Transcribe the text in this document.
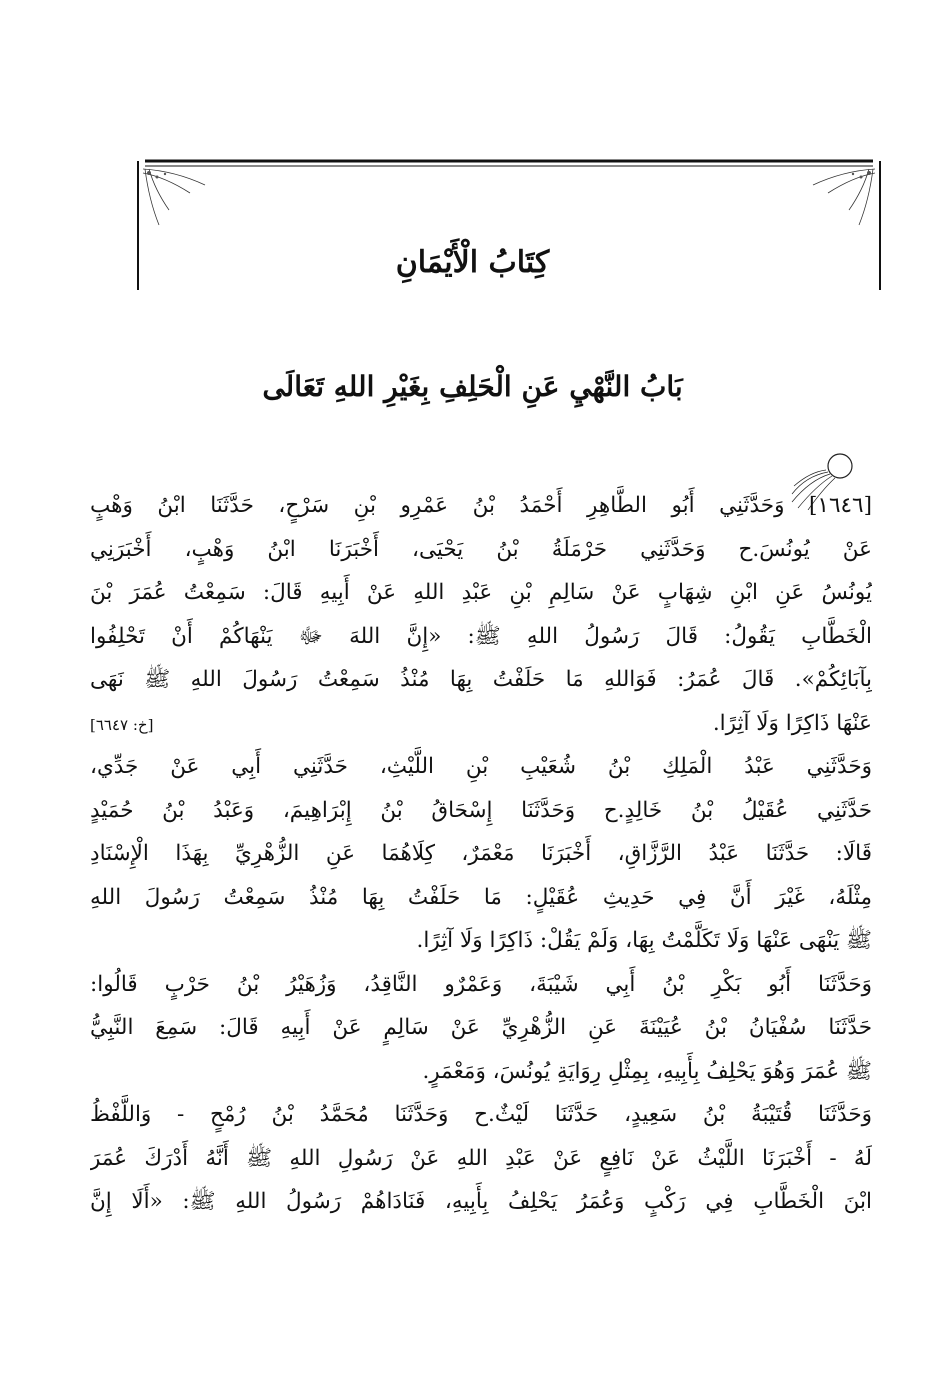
كِتَابُ الْأَيْمَانِ
بَابُ النَّهْيِ عَنِ الْحَلِفِ بِغَيْرِ اللهِ تَعَالَى
[١٦٤٦] وَحَدَّثَنِي أَبُو الطَّاهِرِ أَحْمَدُ بْنُ عَمْرِو بْنِ سَرْحٍ، حَدَّثَنَا ابْنُ وَهْبٍ
عَنْ يُونُسَ.ح وَحَدَّثَنِي حَرْمَلَةُ بْنُ يَحْيَى، أَخْبَرَنَا ابْنُ وَهْبٍ، أَخْبَرَنِي
يُونُسُ عَنِ ابْنِ شِهَابٍ عَنْ سَالِمِ بْنِ عَبْدِ اللهِ عَنْ أَبِيهِ قَالَ: سَمِعْتُ عُمَرَ بْنَ
الْخَطَّابِ يَقُولُ: قَالَ رَسُولُ اللهِ ﷺ: «إِنَّ اللهَ ﷻ يَنْهَاكُمْ أَنْ تَحْلِفُوا
بِآبَائِكُمْ». قَالَ عُمَرُ: فَوَاللهِ مَا حَلَفْتُ بِهَا مُنْذُ سَمِعْتُ رَسُولَ اللهِ ﷺ نَهَى
عَنْهَا ذَاكِرًا وَلَا آثِرًا.
[خ: ٦٦٤٧]
وَحَدَّثَنِي عَبْدُ الْمَلِكِ بْنُ شُعَيْبِ بْنِ اللَّيْثِ، حَدَّثَنِي أَبِي عَنْ جَدِّي،
حَدَّثَنِي عُقَيْلُ بْنُ خَالِدٍ.ح وَحَدَّثَنَا إِسْحَاقُ بْنُ إِبْرَاهِيمَ، وَعَبْدُ بْنُ حُمَيْدٍ
قَالَا: حَدَّثَنَا عَبْدُ الرَّزَّاقِ، أَخْبَرَنَا مَعْمَرٌ، كِلَاهُمَا عَنِ الزُّهْرِيِّ بِهَذَا الْإِسْنَادِ
مِثْلَهُ، غَيْرَ أَنَّ فِي حَدِيثِ عُقَيْلٍ: مَا حَلَفْتُ بِهَا مُنْذُ سَمِعْتُ رَسُولَ اللهِ
ﷺ يَنْهَى عَنْهَا وَلَا تَكَلَّمْتُ بِهَا، وَلَمْ يَقُلْ: ذَاكِرًا وَلَا آثِرًا.
وَحَدَّثَنَا أَبُو بَكْرِ بْنُ أَبِي شَيْبَةَ، وَعَمْرٌو النَّاقِدُ، وَزُهَيْرُ بْنُ حَرْبٍ قَالُوا:
حَدَّثَنَا سُفْيَانُ بْنُ عُيَيْنَةَ عَنِ الزُّهْرِيِّ عَنْ سَالِمٍ عَنْ أَبِيهِ قَالَ: سَمِعَ النَّبِيُّ
ﷺ عُمَرَ وَهُوَ يَحْلِفُ بِأَبِيهِ، بِمِثْلِ رِوَايَةِ يُونُسَ، وَمَعْمَرٍ.
وَحَدَّثَنَا قُتَيْبَةُ بْنُ سَعِيدٍ، حَدَّثَنَا لَيْثٌ.ح وَحَدَّثَنَا مُحَمَّدُ بْنُ رُمْحٍ - وَاللَّفْظُ
لَهُ - أَخْبَرَنَا اللَّيْثُ عَنْ نَافِعٍ عَنْ عَبْدِ اللهِ عَنْ رَسُولِ اللهِ ﷺ أَنَّهُ أَدْرَكَ عُمَرَ
ابْنَ الْخَطَّابِ فِي رَكْبٍ وَعُمَرُ يَحْلِفُ بِأَبِيهِ، فَنَادَاهُمْ رَسُولُ اللهِ ﷺ: «أَلَا إِنَّ
